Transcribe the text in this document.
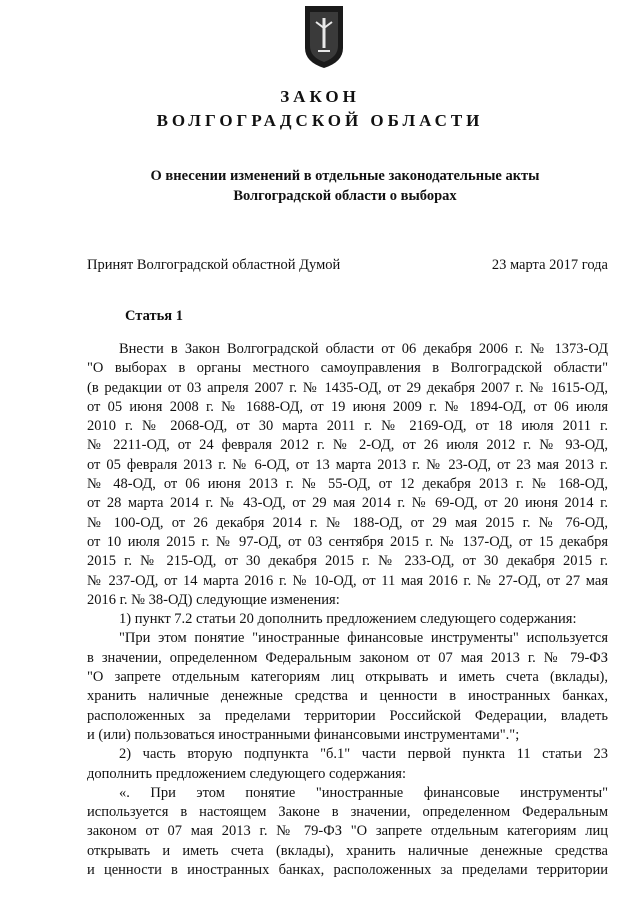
ЗАКОН
ВОЛГОГРАДСКОЙ ОБЛАСТИ
О внесении изменений в отдельные законодательные акты
Волгоградской области о выборах
Принят Волгоградской областной Думой	23 марта 2017 года
Статья 1
Внести в Закон Волгоградской области от 06 декабря 2006 г. № 1373-ОД
"О выборах в органы местного самоуправления в Волгоградской области"
(в редакции от 03 апреля 2007 г. № 1435-ОД, от 29 декабря 2007 г. № 1615-ОД,
от 05 июня 2008 г. № 1688-ОД, от 19 июня 2009 г. № 1894-ОД, от 06 июля
2010 г. № 2068-ОД, от 30 марта 2011 г. № 2169-ОД, от 18 июля 2011 г.
№ 2211-ОД, от 24 февраля 2012 г. № 2-ОД, от 26 июля 2012 г. № 93-ОД,
от 05 февраля 2013 г. № 6-ОД, от 13 марта 2013 г. № 23-ОД, от 23 мая 2013 г.
№ 48-ОД, от 06 июня 2013 г. № 55-ОД, от 12 декабря 2013 г. № 168-ОД,
от 28 марта 2014 г. № 43-ОД, от 29 мая 2014 г. № 69-ОД, от 20 июня 2014 г.
№ 100-ОД, от 26 декабря 2014 г. № 188-ОД, от 29 мая 2015 г. № 76-ОД,
от 10 июля 2015 г. № 97-ОД, от 03 сентября 2015 г. № 137-ОД, от 15 декабря
2015 г. № 215-ОД, от 30 декабря 2015 г. № 233-ОД, от 30 декабря 2015 г.
№ 237-ОД, от 14 марта 2016 г. № 10-ОД, от 11 мая 2016 г. № 27-ОД, от 27 мая
2016 г. № 38-ОД) следующие изменения:
1) пункт 7.2 статьи 20 дополнить предложением следующего содержания:
"При этом понятие "иностранные финансовые инструменты" используется
в значении, определенном Федеральным законом от 07 мая 2013 г. № 79-ФЗ
"О запрете отдельным категориям лиц открывать и иметь счета (вклады),
хранить наличные денежные средства и ценности в иностранных банках,
расположенных за пределами территории Российской Федерации, владеть
и (или) пользоваться иностранными финансовыми инструментами".";
2) часть вторую подпункта "б.1" части первой пункта 11 статьи 23
дополнить предложением следующего содержания:
«. При этом понятие "иностранные финансовые инструменты"
используется в настоящем Законе в значении, определенном Федеральным
законом от 07 мая 2013 г. № 79-ФЗ "О запрете отдельным категориям лиц
открывать и иметь счета (вклады), хранить наличные денежные средства
и ценности в иностранных банках, расположенных за пределами территории
